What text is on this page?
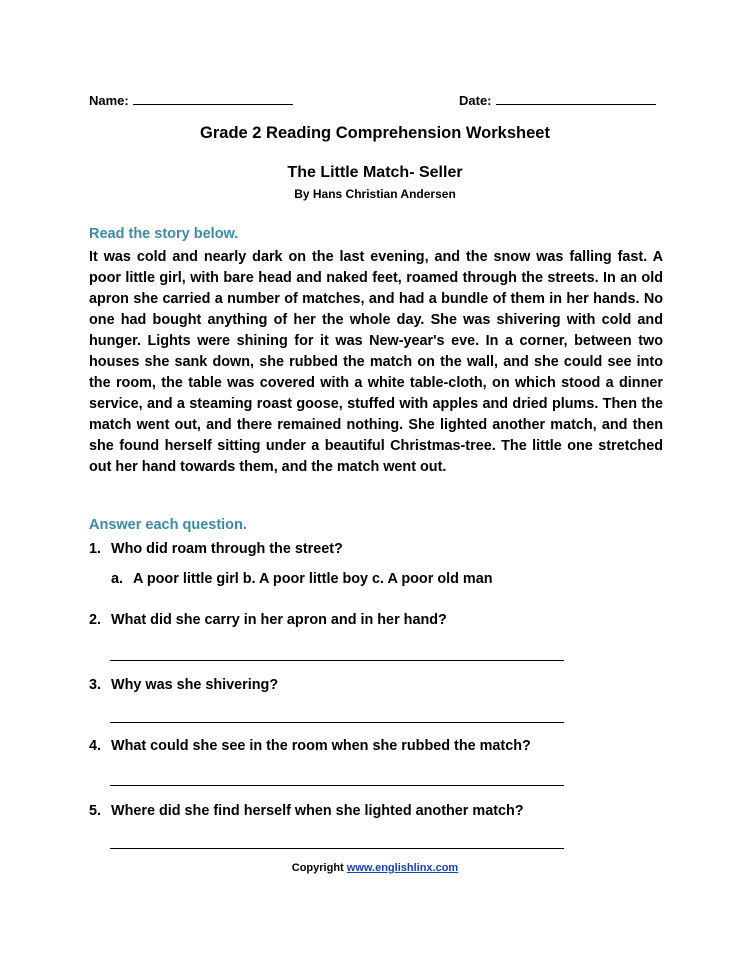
Name:	Date:
Grade 2 Reading Comprehension Worksheet
The Little Match- Seller
By Hans Christian Andersen
Read the story below.

It was cold and nearly dark on the last evening, and the snow was falling fast. A poor little girl, with bare head and naked feet, roamed through the streets. In an old apron she carried a number of matches, and had a bundle of them in her hands. No one had bought anything of her the whole day. She was shivering with cold and hunger. Lights were shining for it was New-year's eve. In a corner, between two houses she sank down, she rubbed the match on the wall, and she could see into the room, the table was covered with a white table-cloth, on which stood a dinner service, and a steaming roast goose, stuffed with apples and dried plums. Then the match went out, and there remained nothing. She lighted another match, and then she found herself sitting under a beautiful Christmas-tree. The little one stretched out her hand towards them, and the match went out.

Answer each question.
1. Who did roam through the street?
a. A poor little girl b. A poor little boy c. A poor old man
2. What did she carry in her apron and in her hand?
3. Why was she shivering?
4. What could she see in the room when she rubbed the match?
5. Where did she find herself when she lighted another match?
Copyright www.englishlinx.com
